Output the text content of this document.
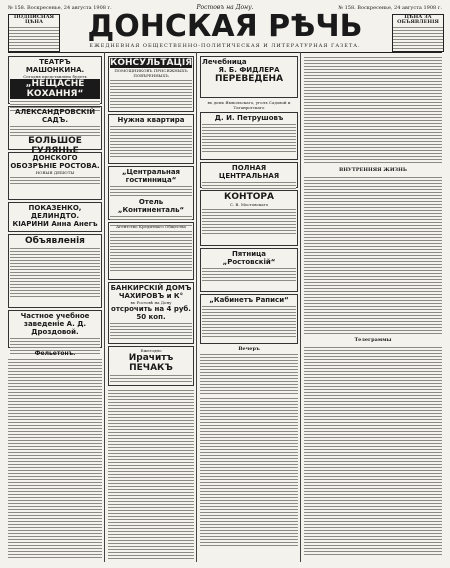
№ 158. Воскресенье, 24 августа 1908 г.	Ростовъ на Дону.	№ 158. Воскресенье, 24 августа 1908 г.
ПОДПИСНАЯ ЦѢНА	ДОНСКАЯ РѢЧЬ
ЕЖЕДНЕВНАЯ ОБЩЕСТВЕННО-ПОЛИТИЧЕСКАЯ И ЛИТЕРАТУРНАЯ ГАЗЕТА.
ЦѢНА ЗА ОБЪЯВЛЕНІЯ
ТЕАТРЪ МАШОНКИНА.
Сегодня представлено будетъ
„НЕЩАСНЕ КОХАННЯ“
АЛЕКСАНДРОВСКІЙ САДЪ.
БОЛЬШОЕ ГУЛЯНЬЕ
ДОНСКОГО
ОБОЗРѢНІЕ РОСТОВА.
НОВЫЯ ДЕБЮТЫ
ПОКАЗЕНКО, ДЕЛИНДТО.
КІАРИНИ Анна Анегъ
Объявленія
Частное учебное заведеніе А. Д. Дроздовой.
Фельетонъ.
КОНСУЛЬТАЦІЯ
ПОМОЩНИКОВЪ ПРИСЯЖНЫХЪ ПОВѢРЕННЫХЪ
Нужна квартира
„Центральная гостинница“
Отель „Континенталь“
Агентство Кредитнаго Общества
БАНКИРСКІЙ ДОМЪ ЧАХИРОВЪ и К°
въ Ростовѣ на Дону
отсрочить на 4 руб. 50 коп.
Ежегодно
Ирачитъ ПЕЧАКЪ
Лечебница
Я. Б. ФИДЛЕРА
ПЕРЕВЕДЕНА
въ домъ Ямпольскаго, уголъ Садовой и Таганрогскаго
Д. И. Петрушовъ
ПОЛНАЯ ЦЕНТРАЛЬНАЯ
КОНТОРА
С. В. Мостовскаго
Пятница
„Ростовскій“
„Кабинетъ Раписи“
Вечеръ
ВНУТРЕННЯЯ ЖИЗНЬ
Телеграммы
